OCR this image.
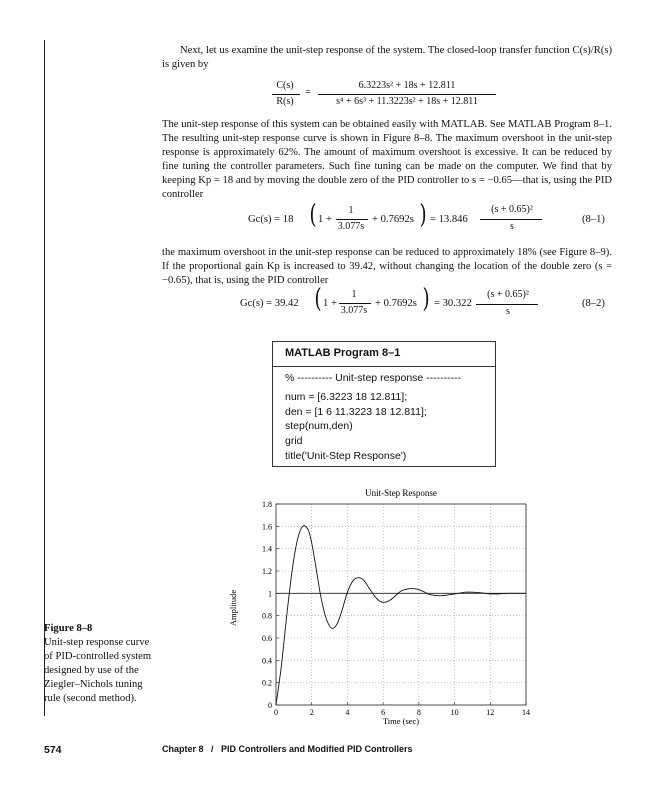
Next, let us examine the unit-step response of the system. The closed-loop transfer function C(s)/R(s) is given by

C(s)
R(s)
=
6.3223s² + 18s + 12.811
s⁴ + 6s³ + 11.3223s² + 18s + 12.811

The unit-step response of this system can be obtained easily with MATLAB. See MATLAB Program 8–1. The resulting unit-step response curve is shown in Figure 8–8. The maximum overshoot in the unit-step response is approximately 62%. The amount of maximum overshoot is excessive. It can be reduced by fine tuning the controller parameters. Such fine tuning can be made on the computer. We find that by keeping Kp = 18 and by moving the double zero of the PID controller to s = −0.65—that is, using the PID controller

Gc(s) = 18 ( 1 +
1
3.077s
+ 0.7692s ) = 13.846
(s + 0.65)²
s
(8–1)

the maximum overshoot in the unit-step response can be reduced to approximately 18% (see Figure 8–9). If the proportional gain Kp is increased to 39.42, without changing the location of the double zero (s = −0.65), that is, using the PID controller

Gc(s) = 39.42 ( 1 +
1
3.077s
+ 0.7692s ) = 30.322
(s + 0.65)²
s
(8–2)
MATLAB Program 8–1
% ---------- Unit-step response ----------
num = [6.3223 18 12.811];
den = [1 6 11.3223 18 12.811];
step(num,den)
grid
title('Unit-Step Response')
Unit-Step Response
Amplitude
Time (sec)
0	2	4	6	8	10	12	14
0
0.2
0.4
0.6
0.8
1
1.2
1.4
1.6
1.8
Figure 8–8
Unit-step response curve of PID-controlled system designed by use of the Ziegler–Nichols tuning rule (second method).
574	Chapter 8   /   PID Controllers and Modified PID Controllers
